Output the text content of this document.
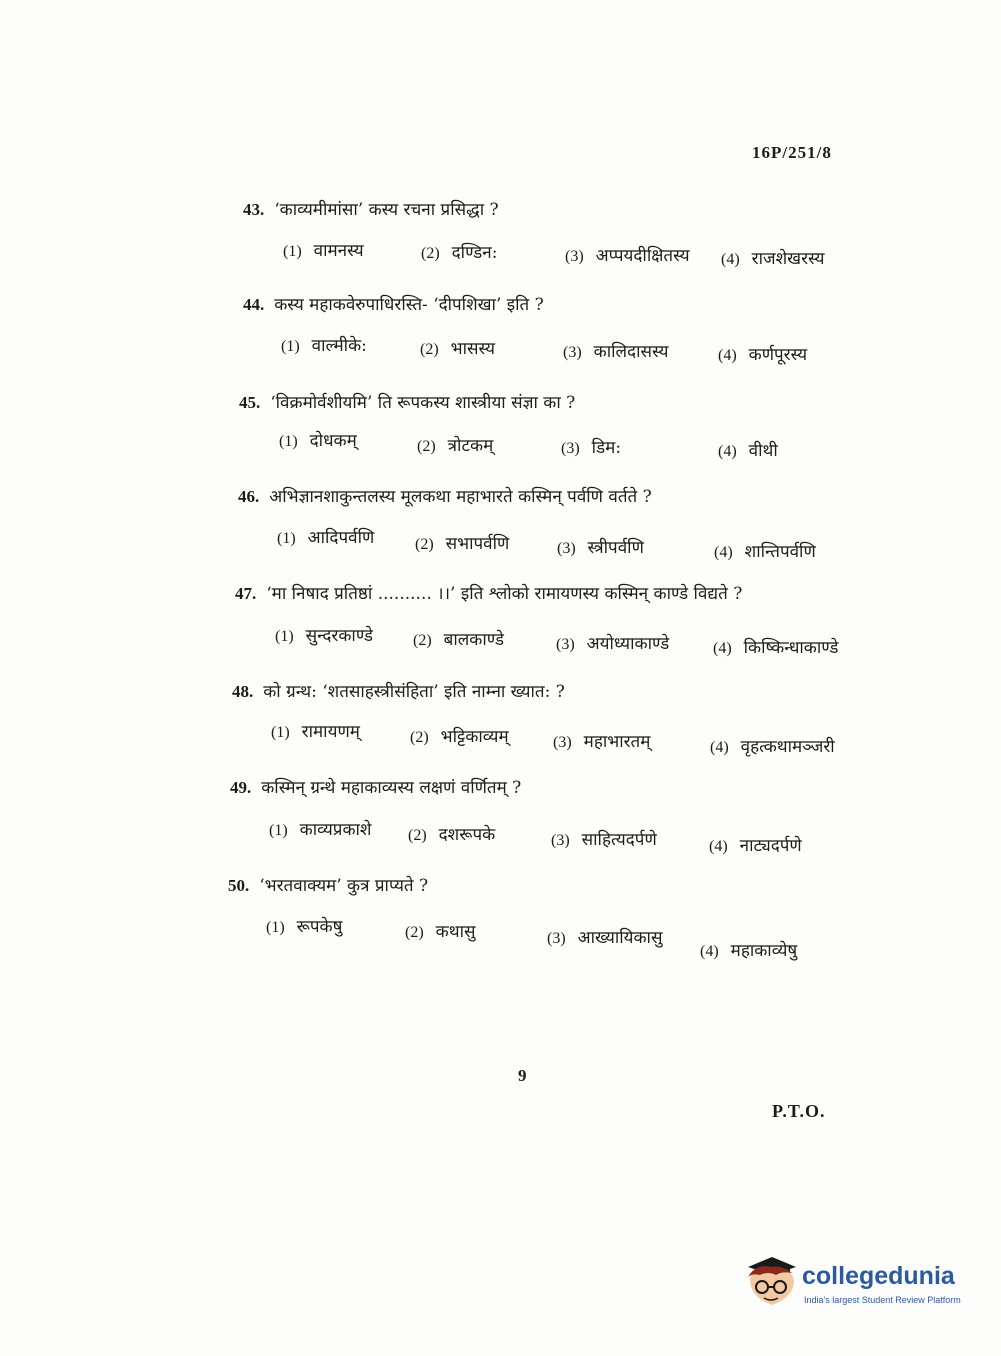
16P/251/8
43. ‘काव्यमीमांसा’ कस्य रचना प्रसिद्धा ?
(1) वामनस्य	(2) दण्डिन:	(3) अप्पयदीक्षितस्य (4) राजशेखरस्य
44. कस्य महाकवेरुपाधिरस्ति- ‘दीपशिखा’ इति ?
(1) वाल्मीके:	(2) भासस्य	(3) कालिदासस्य	(4) कर्णपूरस्य
45. ‘विक्रमोर्वशीयमि’ ति रूपकस्य शास्त्रीया संज्ञा का ?
(1) दोधकम्	(2) त्रोटकम्	(3) डिम:	(4) वीथी
46. अभिज्ञानशाकुन्तलस्य मूलकथा महाभारते कस्मिन् पर्वणि वर्तते ?
(1) आदिपर्वणि	(2) सभापर्वणि	(3) स्त्रीपर्वणि	(4) शान्तिपर्वणि
47. ‘मा निषाद प्रतिष्ठां .......... ।।’ इति श्लोको रामायणस्य कस्मिन् काण्डे विद्यते ?
(1) सुन्दरकाण्डे (2) बालकाण्डे	(3) अयोध्याकाण्डे	(4) किष्किन्धाकाण्डे
48. को ग्रन्थ: ‘शतसाहस्त्रीसंहिता’ इति नाम्ना ख्यात: ?
(1) रामायणम्	(2) भट्टिकाव्यम्	(3) महाभारतम्	(4) वृहत्कथामञ्जरी
49. कस्मिन् ग्रन्थे महाकाव्यस्य लक्षणं वर्णितम् ?
(1) काव्यप्रकाशे (2) दशरूपके	(3) साहित्यदर्पणे	(4) नाट्यदर्पणे
50. ‘भरतवाक्यम’ कुत्र प्राप्यते ?
(1) रूपकेषु	(2) कथासु	(3) आख्यायिकासु
(4) महाकाव्येषु
9
P.T.O.
collegedunia
India's largest Student Review Platform
